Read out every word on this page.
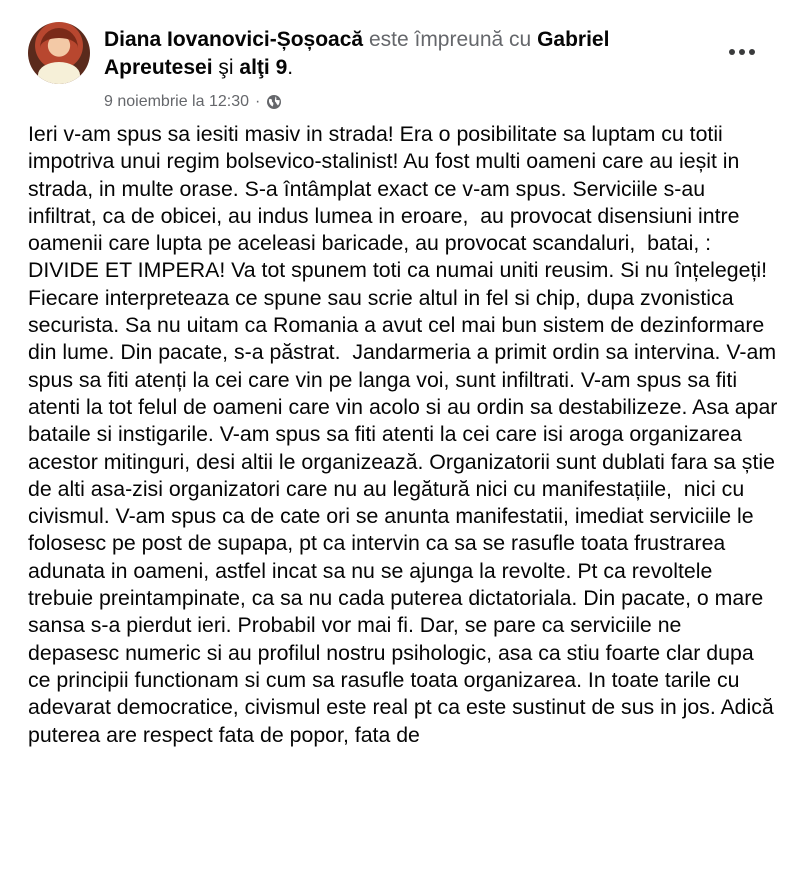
Diana Iovanovici-Șoșoacă este împreună cu Gabriel Apreutesei şi alţi 9.
9 noiembrie la 12:30 ·
Ieri v-am spus sa iesiti masiv in strada! Era o posibilitate sa luptam cu totii impotriva unui regim bolsevico-stalinist! Au fost multi oameni care au ieșit in strada, in multe orase. S-a întâmplat exact ce v-am spus. Serviciile s-au infiltrat, ca de obicei, au indus lumea in eroare,  au provocat disensiuni intre oamenii care lupta pe aceleasi baricade, au provocat scandaluri,  batai, : DIVIDE ET IMPERA! Va tot spunem toti ca numai uniti reusim. Si nu înțelegeți! Fiecare interpreteaza ce spune sau scrie altul in fel si chip, dupa zvonistica securista. Sa nu uitam ca Romania a avut cel mai bun sistem de dezinformare din lume. Din pacate, s-a păstrat.  Jandarmeria a primit ordin sa intervina. V-am spus sa fiti atenți la cei care vin pe langa voi, sunt infiltrati. V-am spus sa fiti atenti la tot felul de oameni care vin acolo si au ordin sa destabilizeze. Asa apar bataile si instigarile. V-am spus sa fiti atenti la cei care isi aroga organizarea acestor mitinguri, desi altii le organizează. Organizatorii sunt dublati fara sa știe de alti asa-zisi organizatori care nu au legătură nici cu manifestațiile,  nici cu civismul. V-am spus ca de cate ori se anunta manifestatii, imediat serviciile le folosesc pe post de supapa, pt ca intervin ca sa se rasufle toata frustrarea adunata in oameni, astfel incat sa nu se ajunga la revolte. Pt ca revoltele trebuie preintampinate, ca sa nu cada puterea dictatoriala. Din pacate, o mare sansa s-a pierdut ieri. Probabil vor mai fi. Dar, se pare ca serviciile ne depasesc numeric si au profilul nostru psihologic, asa ca stiu foarte clar dupa ce principii functionam si cum sa rasufle toata organizarea. In toate tarile cu adevarat democratice, civismul este real pt ca este sustinut de sus in jos. Adică puterea are respect fata de popor, fata de
